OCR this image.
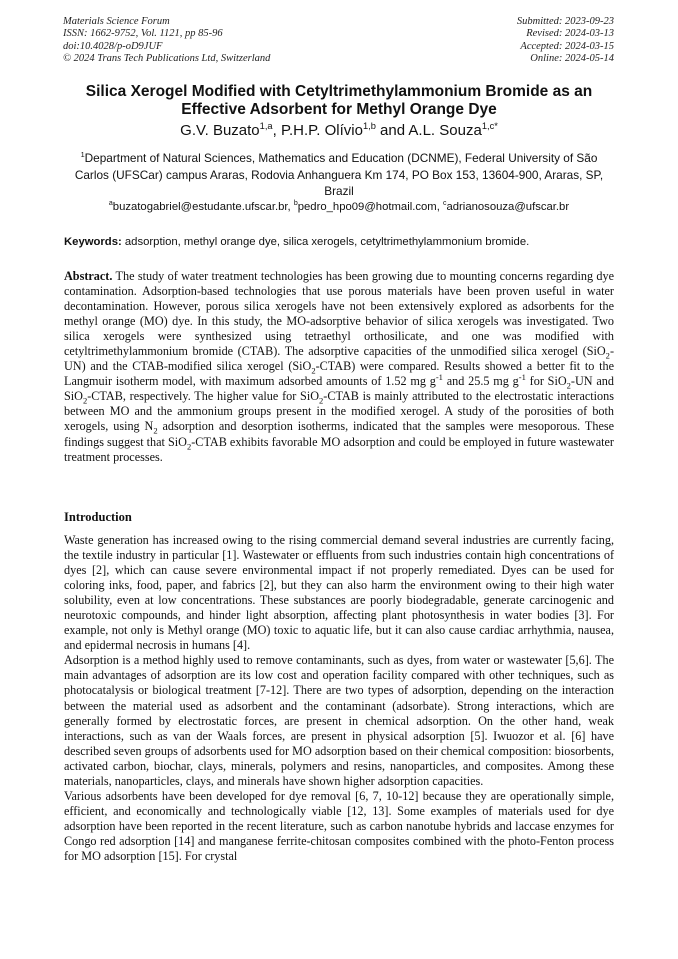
Materials Science Forum
ISSN: 1662-9752, Vol. 1121, pp 85-96
doi:10.4028/p-oD9JUF
© 2024 Trans Tech Publications Ltd, Switzerland
Submitted: 2023-09-23
Revised: 2024-03-13
Accepted: 2024-03-15
Online: 2024-05-14
Silica Xerogel Modified with Cetyltrimethylammonium Bromide as an Effective Adsorbent for Methyl Orange Dye
G.V. Buzato$^{1,a}$, P.H.P. Olívio$^{1,b}$ and A.L. Souza$^{1,c*}$
$^1$Department of Natural Sciences, Mathematics and Education (DCNME), Federal University of São Carlos (UFSCar) campus Araras, Rodovia Anhanguera Km 174, PO Box 153, 13604-900, Araras, SP, Brazil
$^a$buzatogabriel@estudante.ufscar.br, $^b$pedro_hpo09@hotmail.com, $^c$adrianosouza@ufscar.br
Keywords: adsorption, methyl orange dye, silica xerogels, cetyltrimethylammonium bromide.
Abstract. The study of water treatment technologies has been growing due to mounting concerns regarding dye contamination. Adsorption-based technologies that use porous materials have been proven useful in water decontamination. However, porous silica xerogels have not been extensively explored as adsorbents for the methyl orange (MO) dye. In this study, the MO-adsorptive behavior of silica xerogels was investigated. Two silica xerogels were synthesized using tetraethyl orthosilicate, and one was modified with cetyltrimethylammonium bromide (CTAB). The adsorptive capacities of the unmodified silica xerogel (SiO$_2$-UN) and the CTAB-modified silica xerogel (SiO$_2$-CTAB) were compared. Results showed a better fit to the Langmuir isotherm model, with maximum adsorbed amounts of 1.52 mg $g^{-1}$ and 25.5 mg $g^{-1}$ for SiO$_2$-UN and SiO$_2$-CTAB, respectively. The higher value for SiO$_2$-CTAB is mainly attributed to the electrostatic interactions between MO and the ammonium groups present in the modified xerogel. A study of the porosities of both xerogels, using $N_2$ adsorption and desorption isotherms, indicated that the samples were mesoporous. These findings suggest that SiO$_2$-CTAB exhibits favorable MO adsorption and could be employed in future wastewater treatment processes.
Introduction

Waste generation has increased owing to the rising commercial demand several industries are currently facing, the textile industry in particular [1]. Wastewater or effluents from such industries contain high concentrations of dyes [2], which can cause severe environmental impact if not properly remediated. Dyes can be used for coloring inks, food, paper, and fabrics [2], but they can also harm the environment owing to their high water solubility, even at low concentrations. These substances are poorly biodegradable, generate carcinogenic and neurotoxic compounds, and hinder light absorption, affecting plant photosynthesis in water bodies [3]. For example, not only is Methyl orange (MO) toxic to aquatic life, but it can also cause cardiac arrhythmia, nausea, and epidermal necrosis in humans [4].

Adsorption is a method highly used to remove contaminants, such as dyes, from water or wastewater [5,6]. The main advantages of adsorption are its low cost and operation facility compared with other techniques, such as photocatalysis or biological treatment [7-12]. There are two types of adsorption, depending on the interaction between the material used as adsorbent and the contaminant (adsorbate). Strong interactions, which are generally formed by electrostatic forces, are present in chemical adsorption. On the other hand, weak interactions, such as van der Waals forces, are present in physical adsorption [5]. Iwuozor et al. [6] have described seven groups of adsorbents used for MO adsorption based on their chemical composition: biosorbents, activated carbon, biochar, clays, minerals, polymers and resins, nanoparticles, and composites. Among these materials, nanoparticles, clays, and minerals have shown higher adsorption capacities.

Various adsorbents have been developed for dye removal [6, 7, 10-12] because they are operationally simple, efficient, and economically and technologically viable [12, 13]. Some examples of materials used for dye adsorption have been reported in the recent literature, such as carbon nanotube hybrids and laccase enzymes for Congo red adsorption [14] and manganese ferrite-chitosan composites combined with the photo-Fenton process for MO adsorption [15]. For crystal
